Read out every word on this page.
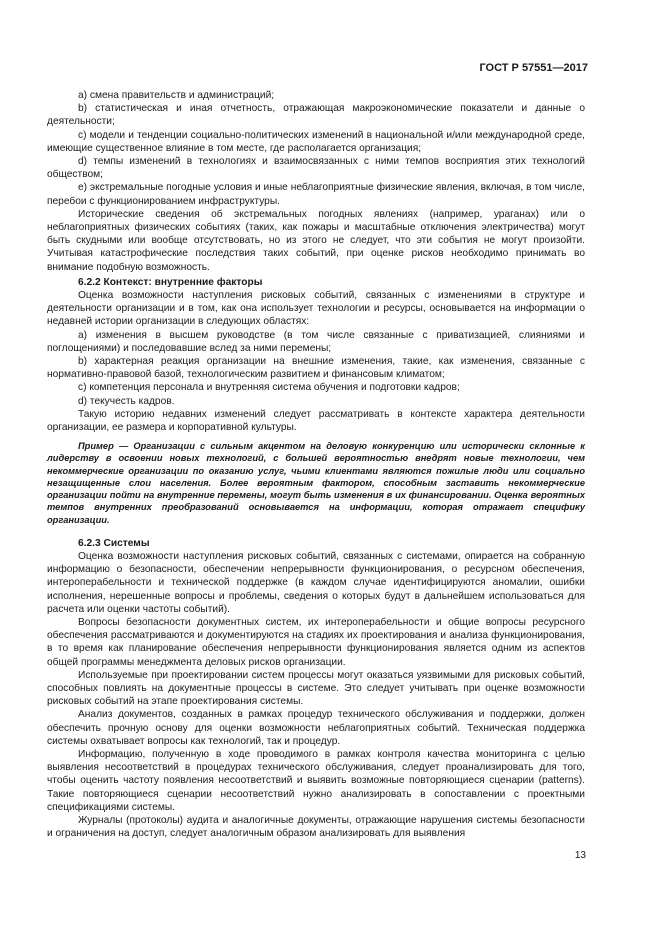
ГОСТ Р 57551—2017

a) смена правительств и администраций;

b) статистическая и иная отчетность, отражающая макроэкономические показатели и данные о деятельности;

c) модели и тенденции социально-политических изменений в национальной и/или международной среде, имеющие существенное влияние в том месте, где располагается организация;

d) темпы изменений в технологиях и взаимосвязанных с ними темпов восприятия этих технологий обществом;

e) экстремальные погодные условия и иные неблагоприятные физические явления, включая, в том числе, перебои с функционированием инфраструктуры.

Исторические сведения об экстремальных погодных явлениях (например, ураганах) или о неблагоприятных физических событиях (таких, как пожары и масштабные отключения электричества) могут быть скудными или вообще отсутствовать, но из этого не следует, что эти события не могут произойти. Учитывая катастрофические последствия таких событий, при оценке рисков необходимо принимать во внимание подобную возможность.

6.2.2 Контекст: внутренние факторы

Оценка возможности наступления рисковых событий, связанных с изменениями в структуре и деятельности организации и в том, как она использует технологии и ресурсы, основывается на информации о недавней истории организации в следующих областях:

a) изменения в высшем руководстве (в том числе связанные с приватизацией, слияниями и поглощениями) и последовавшие вслед за ними перемены;

b) характерная реакция организации на внешние изменения, такие, как изменения, связанные с нормативно-правовой базой, технологическим развитием и финансовым климатом;

c) компетенция персонала и внутренняя система обучения и подготовки кадров;

d) текучесть кадров.

Такую историю недавних изменений следует рассматривать в контексте характера деятельности организации, ее размера и корпоративной культуры.

Пример — Организации с сильным акцентом на деловую конкуренцию или исторически склонные к лидерству в освоении новых технологий, с большей вероятностью внедрят новые технологии, чем некоммерческие организации по оказанию услуг, чьими клиентами являются пожилые люди или социально незащищенные слои населения. Более вероятным фактором, способным заставить некоммерческие организации пойти на внутренние перемены, могут быть изменения в их финансировании. Оценка вероятных темпов внутренних преобразований основывается на информации, которая отражает специфику организации.

6.2.3 Системы

Оценка возможности наступления рисковых событий, связанных с системами, опирается на собранную информацию о безопасности, обеспечении непрерывности функционирования, о ресурсном обеспечения, интероперабельности и технической поддержке (в каждом случае идентифицируются аномалии, ошибки исполнения, нерешенные вопросы и проблемы, сведения о которых будут в дальнейшем использоваться для расчета или оценки частоты событий).

Вопросы безопасности документных систем, их интероперабельности и общие вопросы ресурсного обеспечения рассматриваются и документируются на стадиях их проектирования и анализа функционирования, в то время как планирование обеспечения непрерывности функционирования является одним из аспектов общей программы менеджмента деловых рисков организации.

Используемые при проектировании систем процессы могут оказаться уязвимыми для рисковых событий, способных повлиять на документные процессы в системе. Это следует учитывать при оценке возможности рисковых событий на этапе проектирования системы.

Анализ документов, созданных в рамках процедур технического обслуживания и поддержки, должен обеспечить прочную основу для оценки возможности неблагоприятных событий. Техническая поддержка системы охватывает вопросы как технологий, так и процедур.

Информацию, полученную в ходе проводимого в рамках контроля качества мониторинга с целью выявления несоответствий в процедурах технического обслуживания, следует проанализировать для того, чтобы оценить частоту появления несоответствий и выявить возможные повторяющиеся сценарии (patterns). Такие повторяющиеся сценарии несоответствий нужно анализировать в сопоставлении с проектными спецификациями системы.

Журналы (протоколы) аудита и аналогичные документы, отражающие нарушения системы безопасности и ограничения на доступ, следует аналогичным образом анализировать для выявления

13
